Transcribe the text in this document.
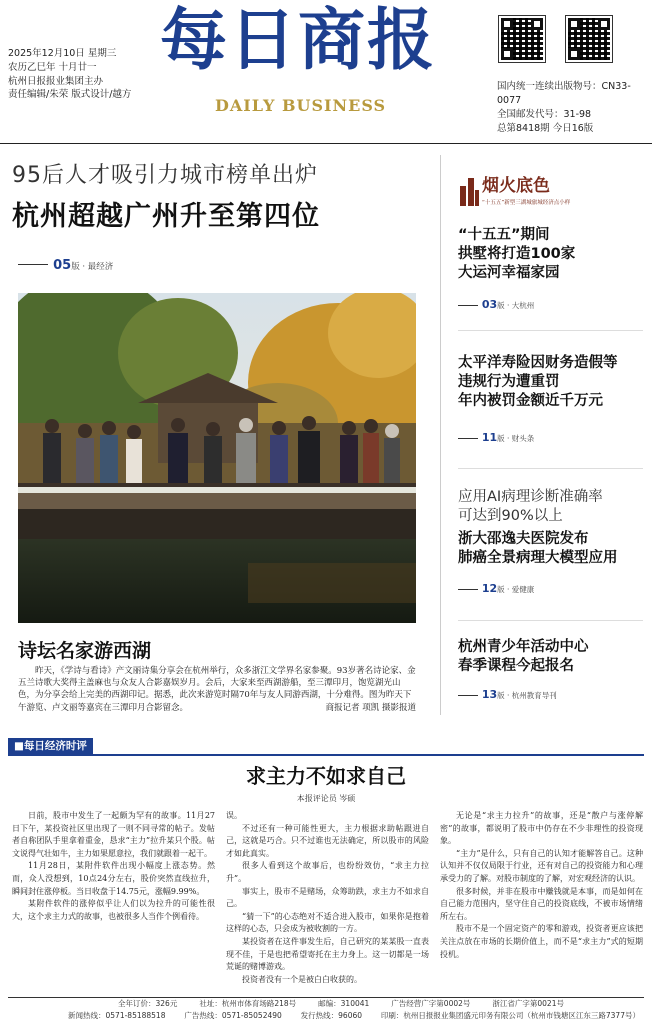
每日商报
DAILY BUSINESS
2025年12月10日 星期三
农历乙巳年 十月廿一
杭州日报报业集团主办
责任编辑/朱荣 版式设计/越方
国内统一连续出版物号：CN33-0077
全国邮发代号：31-98
总第8418期 今日16版
95后人才吸引力城市榜单出炉
杭州超越广州升至第四位
05版 · 最经济
诗坛名家游西湖
昨天，《学诗与看诗》产文丽诗集分享会在杭州举行，众多浙江文学界名家参聚。93岁著名诗论家、金五兰诗歌大奖得主盖麻也与众友人合影嘉娱岁月。会后，大家来至西湖游船，至三潭印月，饱览湖光山色，为分享会给上完美的西湖印记。据悉，此次来游览时隔70年与友人同游西湖，十分难得。图为昨天下午游览、卢文丽等嘉宾在三潭印月合影留念。	商报记者 项凯 摄影报道
烟火底色
“十五五”新型三湖城旅城经济点小样
“十五五”期间
拱墅将打造100家
大运河幸福家园
03版 · 大杭州
太平洋寿险因财务造假等
违规行为遭重罚
年内被罚金额近千万元
11版 · 财头条
应用AI病理诊断准确率
可达到90%以上
浙大邵逸夫医院发布
肺癌全景病理大模型应用
12版 · 爱健康
杭州青少年活动中心
春季课程今起报名
13版 · 杭州教育导刊
■每日经济时评
求主力不如求自己
本报评论员 岑硕

日前，股市中发生了一起颇为罕有的故事。11月27日下午，某投资社区里出现了一则不同寻常的帖子。发帖者自称团队手里拿着重金，恳求“主力”拉升某只个股。帖文说得气壮如牛，主力如果愿意拉，我们就跟着一起干。

11月28日，某附件软件出现小幅度上涨态势。然而，众人没想到，10点24分左右，股价突然直线拉升，瞬间封住涨停板。当日收盘于14.75元，涨幅9.99%。

某附件软件的涨停似乎让人们以为拉升的可能性很大，这个求主力式的故事，也被很多人当作个例看待。

误。

不过还有一种可能性更大，主力根据求助帖跟进自己，这就是巧合。只不过谁也无法确定，所以股市的风险才如此真实。

很多人看到这个故事后，也纷纷效仿，“求主力拉升”。

事实上，股市不是赌场，众筹助跌，求主力不如求自己。

“猜一下”的心态绝对不适合进入股市，如果你是抱着这样的心态，只会成为被收割的一方。

某投资者在这件事发生后，自己研究的某某股一直表现不佳，于是也把希望寄托在主力身上。这一切都是一场荒诞的赌博游戏。

投资者没有一个是被白白收获的。

无论是“求主力拉升”的故事，还是“散户与涨停解密”的故事，都说明了股市中仍存在不少非理性的投资现象。

“主力”是什么，只有自己的认知才能解答自己。这种认知并不仅仅局限于行业，还有对自己的投资能力和心理承受力的了解。对股市制度的了解，对宏观经济的认识。

很多时候，并非在股市中赚钱就是本事，而是如何在自己能力范围内，坚守住自己的投资底线，不被市场情绪所左右。

股市不是一个固定资产的零和游戏，投资者更应该把关注点放在市场的长期价值上，而不是“求主力”式的短期投机。

全年订价：326元	社址：杭州市体育场路218号	邮编：310041	广告经营广字第0002号	浙江省广字第0021号
新闻热线：0571-85188518	广告热线：0571-85052490	发行热线：96060	印刷：杭州日报报业集团盛元印务有限公司（杭州市钱塘区江东三路7377号）
